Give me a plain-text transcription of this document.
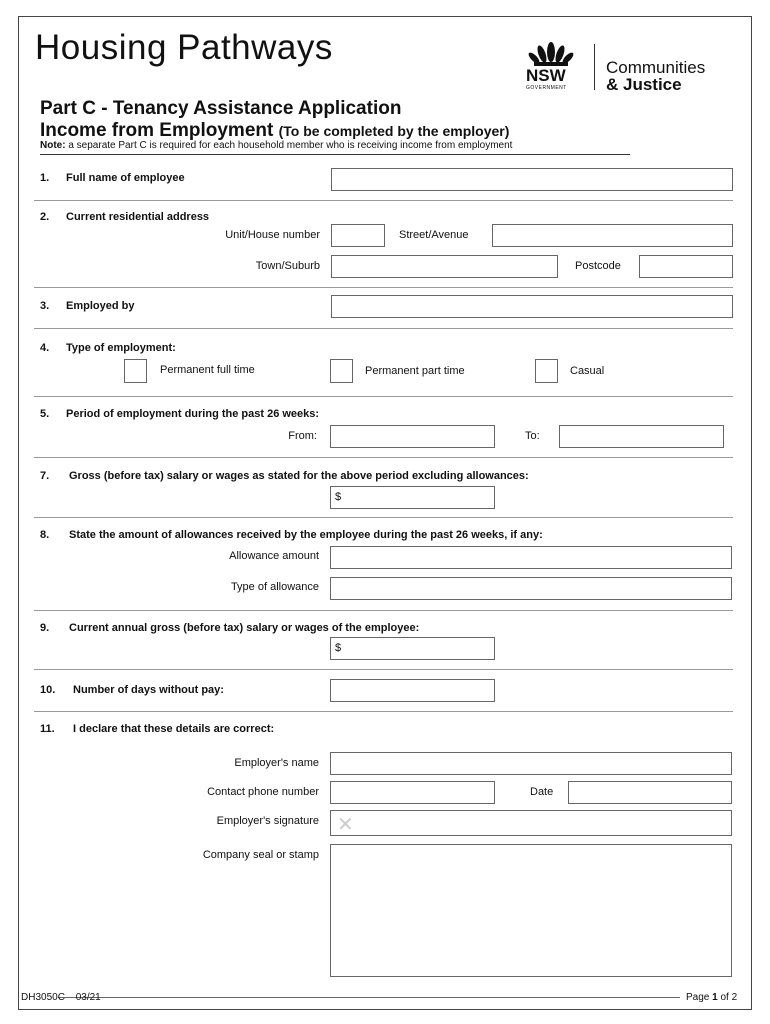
Housing Pathways
NSW
GOVERNMENT
Communities
& Justice
Part C - Tenancy Assistance Application
Income from Employment (To be completed by the employer)
Note: a separate Part C is required for each household member who is receiving income from employment
1. Full name of employee
2. Current residential address
Unit/House number	Street/Avenue
Town/Suburb	Postcode
3. Employed by
4. Type of employment:
Permanent full time	Permanent part time	Casual
5. Period of employment during the past 26 weeks:
From:	To:
7. Gross (before tax) salary or wages as stated for the above period excluding allowances:
$
8. State the amount of allowances received by the employee during the past 26 weeks, if any:
Allowance amount
Type of allowance
9. Current annual gross (before tax) salary or wages of the employee:
$
10. Number of days without pay:
11. I declare that these details are correct:
Employer's name
Contact phone number	Date
Employer's signature ✕
Company seal or stamp
DH3050C 03/21	Page 1 of 2
